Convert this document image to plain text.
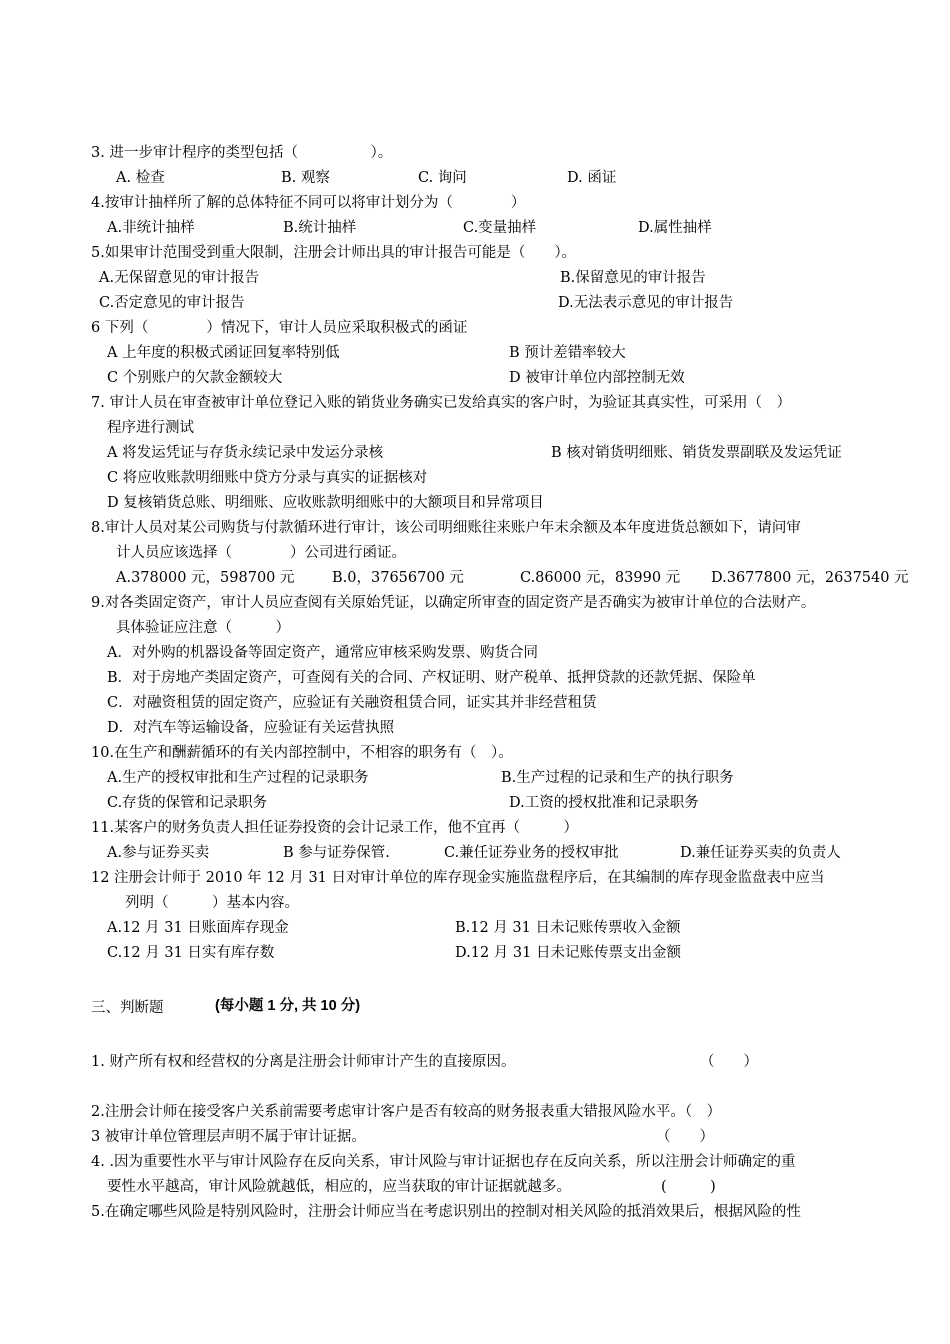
3. 进一步审计程序的类型包括（　　　　　）。
A. 检查	B. 观察	C. 询问	D. 函证
4.按审计抽样所了解的总体特征不同可以将审计划分为（　　　　）
A.非统计抽样	B.统计抽样	C.变量抽样	D.属性抽样
5.如果审计范围受到重大限制，注册会计师出具的审计报告可能是（　　）。
A.无保留意见的审计报告	B.保留意见的审计报告
C.否定意见的审计报告	D.无法表示意见的审计报告
6 下列（　　　　）情况下，审计人员应采取积极式的函证
A 上年度的积极式函证回复率特别低	B 预计差错率较大
C 个别账户的欠款金额较大	D 被审计单位内部控制无效
7. 审计人员在审查被审计单位登记入账的销货业务确实已发给真实的客户时，为验证其真实性，可采用（　）
程序进行测试
A 将发运凭证与存货永续记录中发运分录核	B 核对销货明细账、销货发票副联及发运凭证
C 将应收账款明细账中贷方分录与真实的证据核对
D 复核销货总账、明细账、应收账款明细账中的大额项目和异常项目
8.审计人员对某公司购货与付款循环进行审计，该公司明细账往来账户年末余额及本年度进货总额如下，请问审
计人员应该选择（　　　　）公司进行函证。
A.378000 元，598700 元	B.0，37656700 元	C.86000 元，83990 元 D.3677800 元，2637540 元
9.对各类固定资产，审计人员应查阅有关原始凭证，以确定所审查的固定资产是否确实为被审计单位的合法财产。
具体验证应注意（　　　）
A．对外购的机器设备等固定资产，通常应审核采购发票、购货合同
B．对于房地产类固定资产，可查阅有关的合同、产权证明、财产税单、抵押贷款的还款凭据、保险单
C．对融资租赁的固定资产，应验证有关融资租赁合同，证实其并非经营租赁
D．对汽车等运输设备，应验证有关运营执照
10.在生产和酬薪循环的有关内部控制中，不相容的职务有（　）。
A.生产的授权审批和生产过程的记录职务	B.生产过程的记录和生产的执行职务
C.存货的保管和记录职务	D.工资的授权批准和记录职务
11.某客户的财务负责人担任证券投资的会计记录工作，他不宜再（　　　）
A.参与证券买卖	B 参与证券保管.	C.兼任证券业务的授权审批	D.兼任证券买卖的负责人
12 注册会计师于 2010 年 12 月 31 日对审计单位的库存现金实施监盘程序后，在其编制的库存现金监盘表中应当
列明（　　　）基本内容。
A.12 月 31 日账面库存现金	B.12 月 31 日未记账传票收入金额
C.12 月 31 日实有库存数	D.12 月 31 日未记账传票支出金额
三、判断题	(每小题 1 分, 共 10 分)
1. 财产所有权和经营权的分离是注册会计师审计产生的直接原因。	（　　）
2.注册会计师在接受客户关系前需要考虑审计客户是否有较高的财务报表重大错报风险水平。（　）
3 被审计单位管理层声明不属于审计证据。	（　　）
4. .因为重要性水平与审计风险存在反向关系，审计风险与审计证据也存在反向关系，所以注册会计师确定的重
要性水平越高，审计风险就越低，相应的，应当获取的审计证据就越多。	(　　　)
5.在确定哪些风险是特别风险时，注册会计师应当在考虑识别出的控制对相关风险的抵消效果后，根据风险的性
